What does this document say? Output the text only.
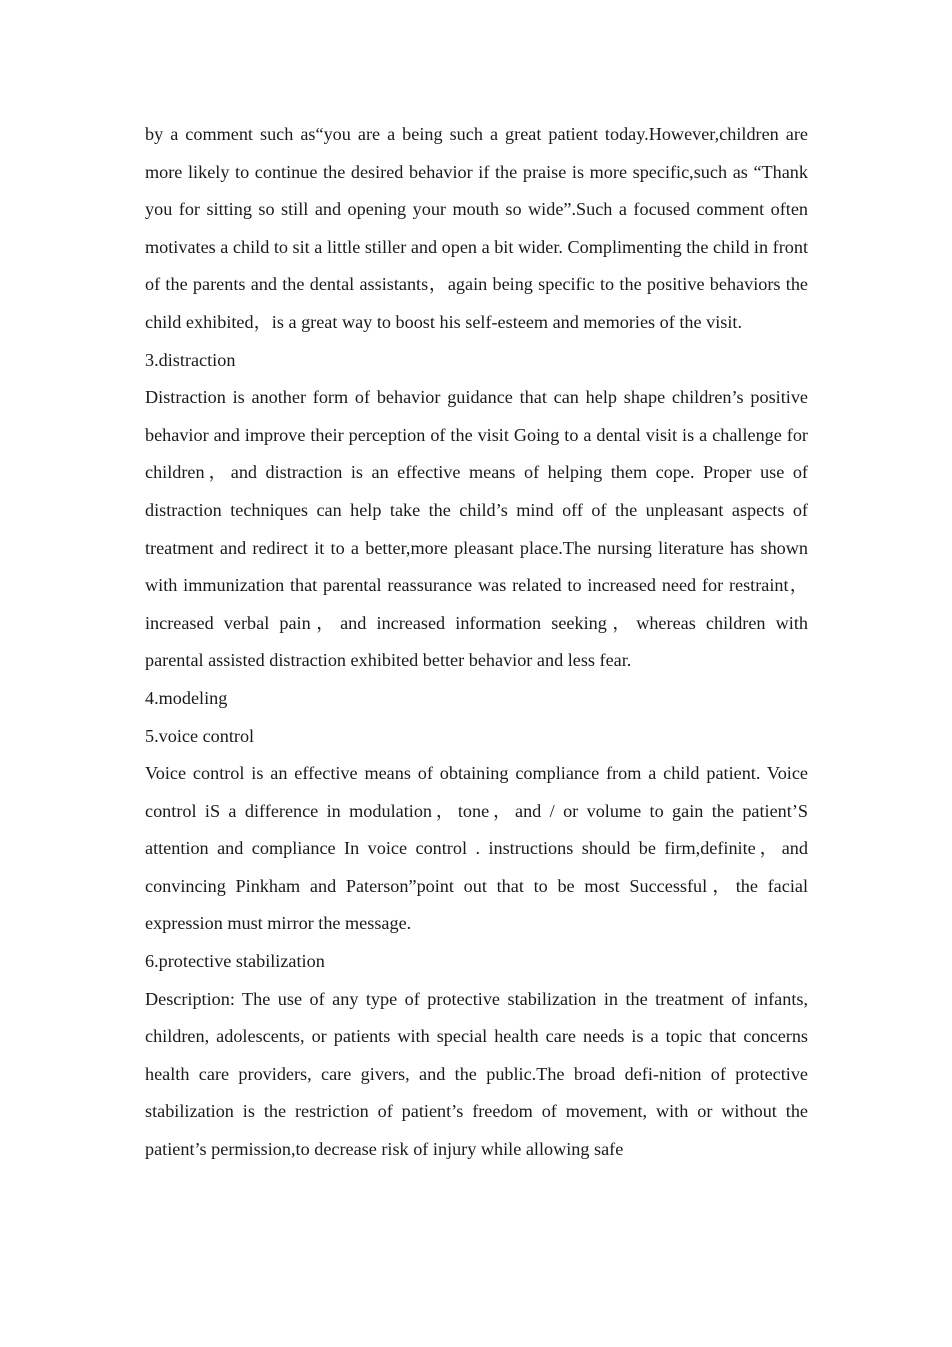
by a comment such as“you are a being such a great patient today.However,children are more likely to continue the desired behavior if the praise is more specific,such as “Thank you for sitting so still and opening your mouth so wide”.Such a focused comment often motivates a child to sit a little stiller and open a bit wider. Complimenting the child in front of the parents and the dental assistants，again being specific to the positive behaviors the child exhibited，is a great way to boost his self-esteem and memories of the visit.

3.distraction

Distraction is another form of behavior guidance that can help shape children’s positive behavior and improve their perception of the visit Going to a dental visit is a challenge for children，and distraction is an effective means of helping them cope. Proper use of distraction techniques can help take the child’s mind off of the unpleasant aspects of treatment and redirect it to a better,more pleasant place.The nursing literature has shown with immunization that parental reassurance was related to increased need for restraint，increased verbal pain，and increased information seeking，whereas children with parental assisted distraction exhibited better behavior and less fear.

4.modeling

5.voice control

Voice control is an effective means of obtaining compliance from a child patient. Voice control iS a difference in modulation，tone，and / or volume to gain the patient’S attention and compliance In voice control . instructions should be firm,definite，and convincing Pinkham and Paterson”point out that to be most Successful，the facial expression must mirror the message.

6.protective stabilization

Description: The use of any type of protective stabilization in the treatment of infants, children, adolescents, or patients with special health care needs is a topic that concerns health care providers, care givers, and the public.The broad defi-nition of protective stabilization is the restriction of patient’s freedom of movement, with or without the patient’s permission,to decrease risk of injury while allowing safe
